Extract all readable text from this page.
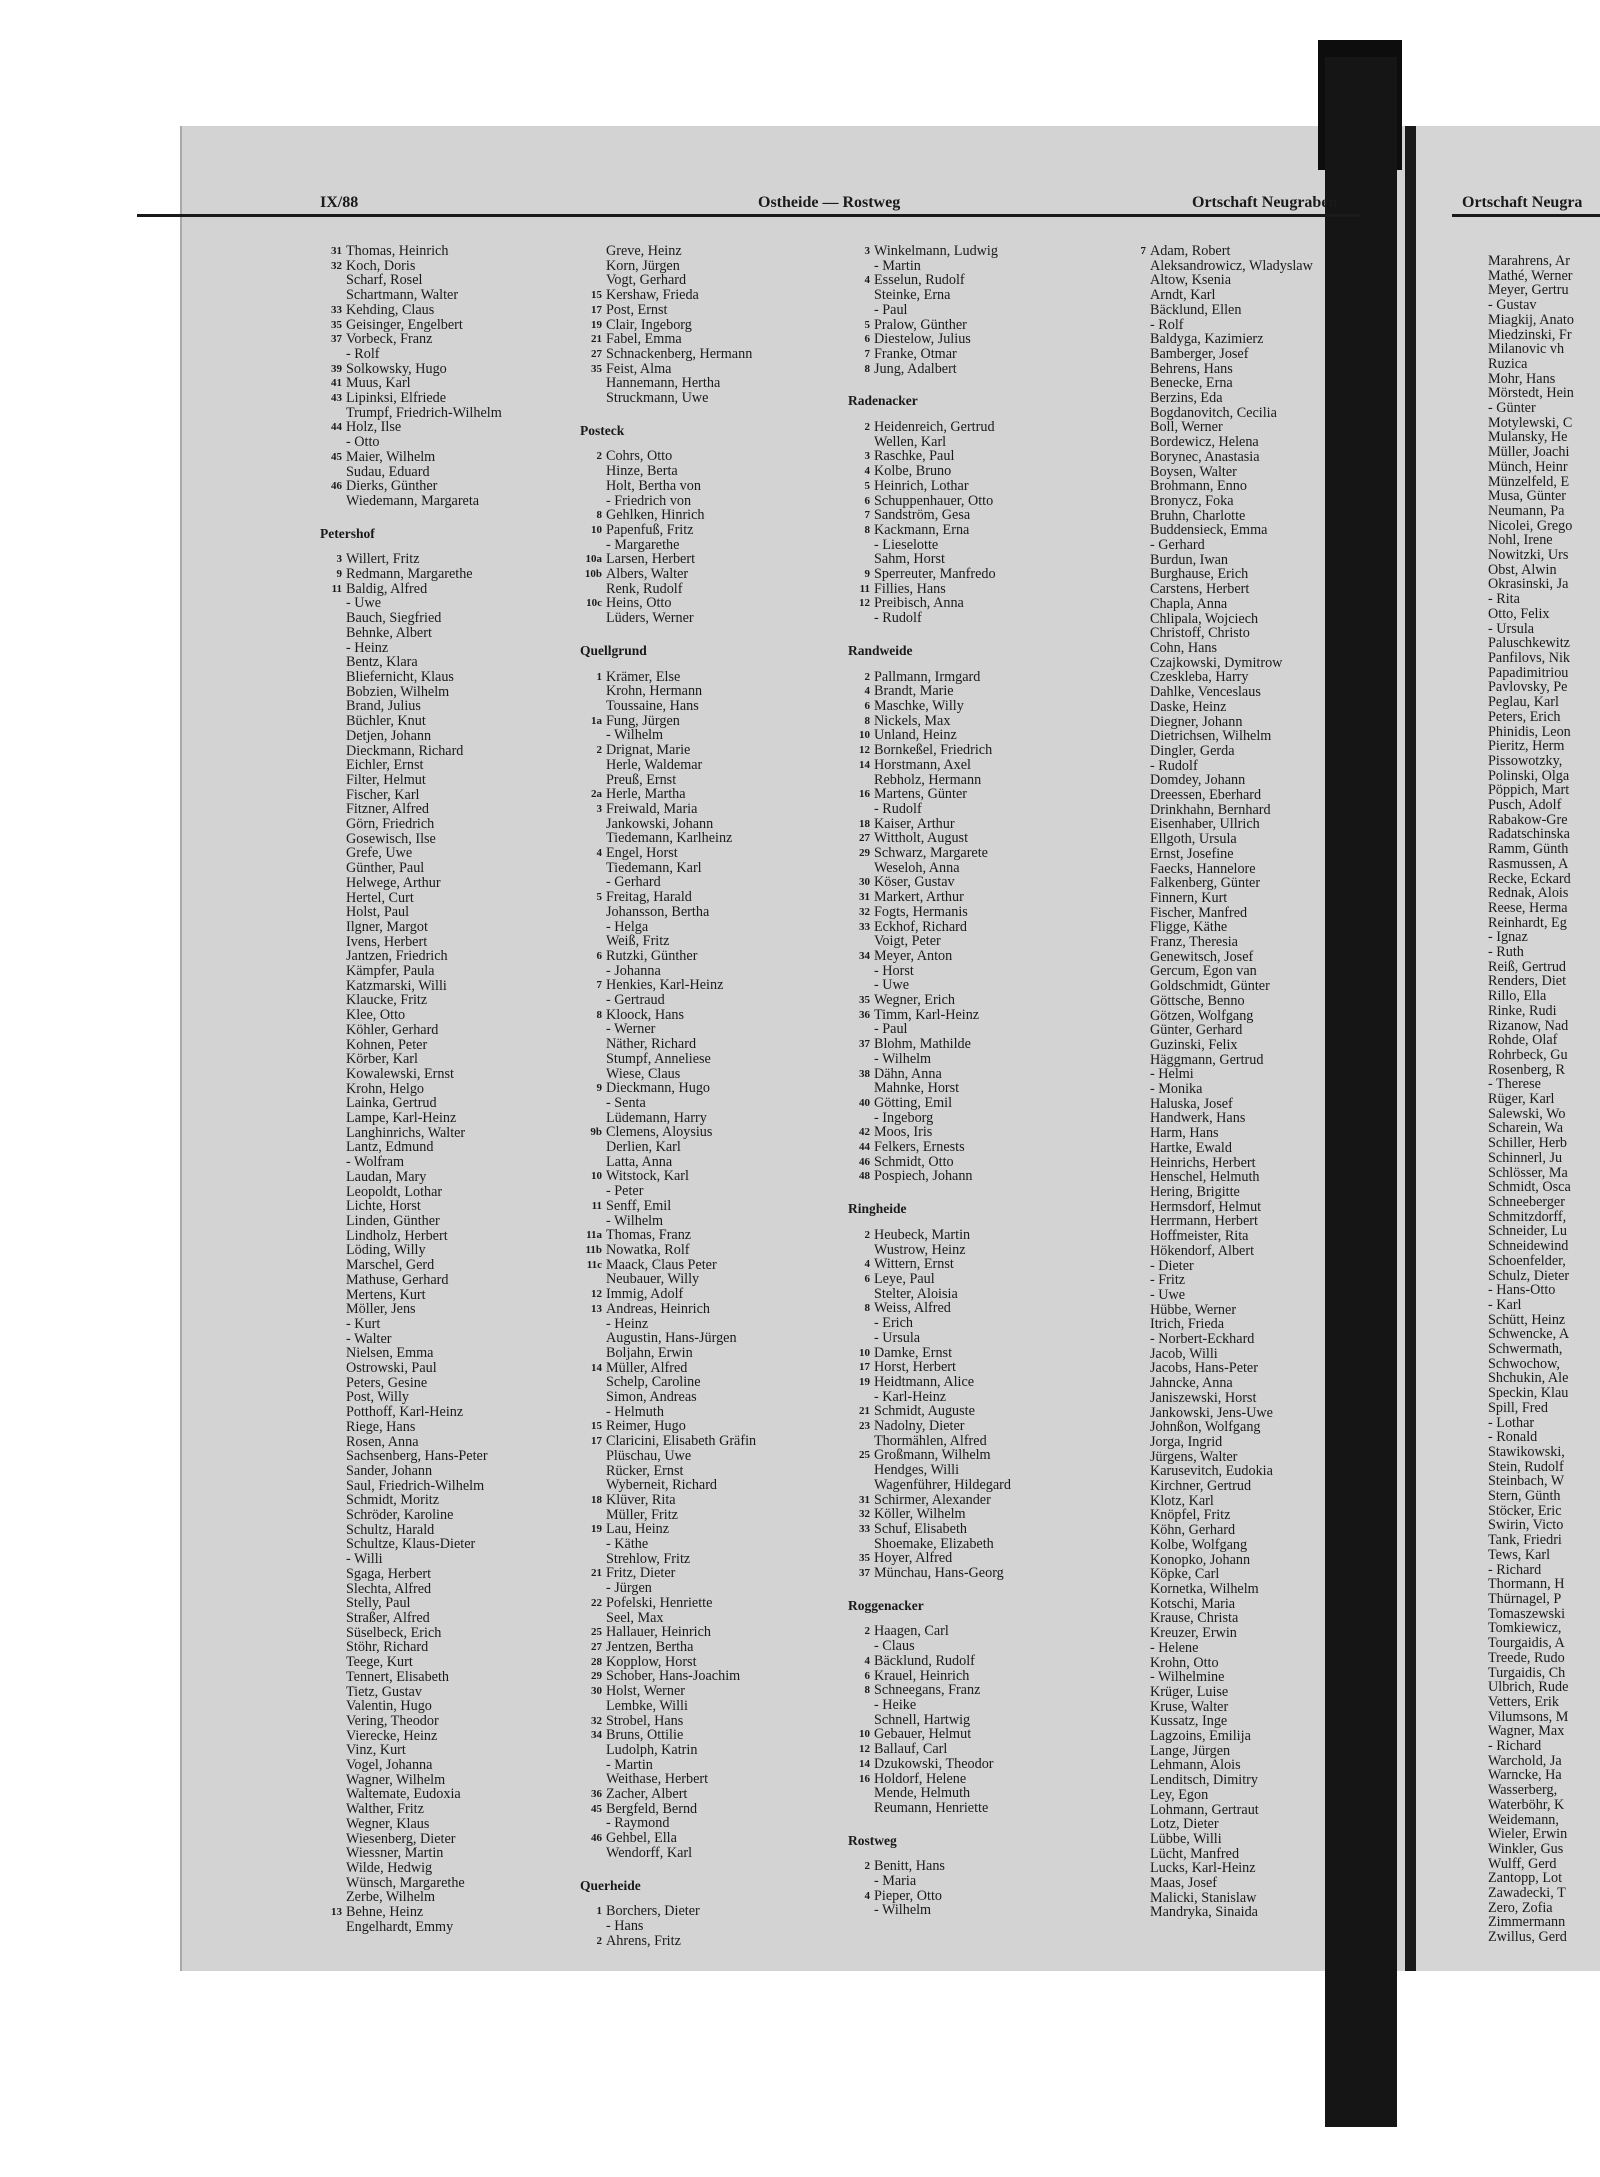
IX/88	Ostheide — Rostweg	Ortschaft Neugraben	Ortschaft Neugra
31 Thomas, Heinrich
32 Koch, Doris
Scharf, Rosel
Schartmann, Walter
33 Kehding, Claus
35 Geisinger, Engelbert
37 Vorbeck, Franz
- Rolf
39 Solkowsky, Hugo
41 Muus, Karl
43 Lipinksi, Elfriede
Trumpf, Friedrich-Wilhelm
44 Holz, Ilse
- Otto
45 Maier, Wilhelm
Sudau, Eduard
46 Dierks, Günther
Wiedemann, Margareta
Petershof
3 Willert, Fritz
9 Redmann, Margarethe
11 Baldig, Alfred
- Uwe
Bauch, Siegfried
Behnke, Albert
- Heinz
Bentz, Klara
Bliefernicht, Klaus
Bobzien, Wilhelm
Brand, Julius
Büchler, Knut
Detjen, Johann
Dieckmann, Richard
Eichler, Ernst
Filter, Helmut
Fischer, Karl
Fitzner, Alfred
Görn, Friedrich
Gosewisch, Ilse
Grefe, Uwe
Günther, Paul
Helwege, Arthur
Hertel, Curt
Holst, Paul
Ilgner, Margot
Ivens, Herbert
Jantzen, Friedrich
Kämpfer, Paula
Katzmarski, Willi
Klaucke, Fritz
Klee, Otto
Köhler, Gerhard
Kohnen, Peter
Körber, Karl
Kowalewski, Ernst
Krohn, Helgo
Lainka, Gertrud
Lampe, Karl-Heinz
Langhinrichs, Walter
Lantz, Edmund
- Wolfram
Laudan, Mary
Leopoldt, Lothar
Lichte, Horst
Linden, Günther
Lindholz, Herbert
Löding, Willy
Marschel, Gerd
Mathuse, Gerhard
Mertens, Kurt
Möller, Jens
- Kurt
- Walter
Nielsen, Emma
Ostrowski, Paul
Peters, Gesine
Post, Willy
Potthoff, Karl-Heinz
Riege, Hans
Rosen, Anna
Sachsenberg, Hans-Peter
Sander, Johann
Saul, Friedrich-Wilhelm
Schmidt, Moritz
Schröder, Karoline
Schultz, Harald
Schultze, Klaus-Dieter
- Willi
Sgaga, Herbert
Slechta, Alfred
Stelly, Paul
Straßer, Alfred
Süselbeck, Erich
Stöhr, Richard
Teege, Kurt
Tennert, Elisabeth
Tietz, Gustav
Valentin, Hugo
Vering, Theodor
Vierecke, Heinz
Vinz, Kurt
Vogel, Johanna
Wagner, Wilhelm
Waltemate, Eudoxia
Walther, Fritz
Wegner, Klaus
Wiesenberg, Dieter
Wiessner, Martin
Wilde, Hedwig
Wünsch, Margarethe
Zerbe, Wilhelm
13 Behne, Heinz
Engelhardt, Emmy
Greve, Heinz
Korn, Jürgen
Vogt, Gerhard
15 Kershaw, Frieda
17 Post, Ernst
19 Clair, Ingeborg
21 Fabel, Emma
27 Schnackenberg, Hermann
35 Feist, Alma
Hannemann, Hertha
Struckmann, Uwe
Posteck
2 Cohrs, Otto
Hinze, Berta
Holt, Bertha von
- Friedrich von
8 Gehlken, Hinrich
10 Papenfuß, Fritz
- Margarethe
10a Larsen, Herbert
10b Albers, Walter
Renk, Rudolf
10c Heins, Otto
Lüders, Werner
Quellgrund
1 Krämer, Else
Krohn, Hermann
Toussaine, Hans
1a Fung, Jürgen
- Wilhelm
2 Drignat, Marie
Herle, Waldemar
Preuß, Ernst
2a Herle, Martha
3 Freiwald, Maria
Jankowski, Johann
Tiedemann, Karlheinz
4 Engel, Horst
Tiedemann, Karl
- Gerhard
5 Freitag, Harald
Johansson, Bertha
- Helga
Weiß, Fritz
6 Rutzki, Günther
- Johanna
7 Henkies, Karl-Heinz
- Gertraud
8 Kloock, Hans
- Werner
Näther, Richard
Stumpf, Anneliese
Wiese, Claus
9 Dieckmann, Hugo
- Senta
Lüdemann, Harry
9b Clemens, Aloysius
Derlien, Karl
Latta, Anna
10 Witstock, Karl
- Peter
11 Senff, Emil
- Wilhelm
11a Thomas, Franz
11b Nowatka, Rolf
11c Maack, Claus Peter
Neubauer, Willy
12 Immig, Adolf
13 Andreas, Heinrich
- Heinz
Augustin, Hans-Jürgen
Boljahn, Erwin
14 Müller, Alfred
Schelp, Caroline
Simon, Andreas
- Helmuth
15 Reimer, Hugo
17 Claricini, Elisabeth Gräfin
Plüschau, Uwe
Rücker, Ernst
Wyberneit, Richard
18 Klüver, Rita
Müller, Fritz
19 Lau, Heinz
- Käthe
Strehlow, Fritz
21 Fritz, Dieter
- Jürgen
22 Pofelski, Henriette
Seel, Max
25 Hallauer, Heinrich
27 Jentzen, Bertha
28 Kopplow, Horst
29 Schober, Hans-Joachim
30 Holst, Werner
Lembke, Willi
32 Strobel, Hans
34 Bruns, Ottilie
Ludolph, Katrin
- Martin
Weithase, Herbert
36 Zacher, Albert
45 Bergfeld, Bernd
- Raymond
46 Gehbel, Ella
Wendorff, Karl
Querheide
1 Borchers, Dieter
- Hans
2 Ahrens, Fritz
3 Winkelmann, Ludwig
- Martin
4 Esselun, Rudolf
Steinke, Erna
- Paul
5 Pralow, Günther
6 Diestelow, Julius
7 Franke, Otmar
8 Jung, Adalbert
Radenacker
2 Heidenreich, Gertrud
Wellen, Karl
3 Raschke, Paul
4 Kolbe, Bruno
5 Heinrich, Lothar
6 Schuppenhauer, Otto
7 Sandström, Gesa
8 Kackmann, Erna
- Lieselotte
Sahm, Horst
9 Sperreuter, Manfredo
11 Fillies, Hans
12 Preibisch, Anna
- Rudolf
Randweide
2 Pallmann, Irmgard
4 Brandt, Marie
6 Maschke, Willy
8 Nickels, Max
10 Unland, Heinz
12 Bornkeßel, Friedrich
14 Horstmann, Axel
Rebholz, Hermann
16 Martens, Günter
- Rudolf
18 Kaiser, Arthur
27 Wittholt, August
29 Schwarz, Margarete
Weseloh, Anna
30 Köser, Gustav
31 Markert, Arthur
32 Fogts, Hermanis
33 Eckhof, Richard
Voigt, Peter
34 Meyer, Anton
- Horst
- Uwe
35 Wegner, Erich
36 Timm, Karl-Heinz
- Paul
37 Blohm, Mathilde
- Wilhelm
38 Dähn, Anna
Mahnke, Horst
40 Götting, Emil
- Ingeborg
42 Moos, Iris
44 Felkers, Ernests
46 Schmidt, Otto
48 Pospiech, Johann
Ringheide
2 Heubeck, Martin
Wustrow, Heinz
4 Wittern, Ernst
6 Leye, Paul
Stelter, Aloisia
8 Weiss, Alfred
- Erich
- Ursula
10 Damke, Ernst
17 Horst, Herbert
19 Heidtmann, Alice
- Karl-Heinz
21 Schmidt, Auguste
23 Nadolny, Dieter
Thormählen, Alfred
25 Großmann, Wilhelm
Hendges, Willi
Wagenführer, Hildegard
31 Schirmer, Alexander
32 Köller, Wilhelm
33 Schuf, Elisabeth
Shoemake, Elizabeth
35 Hoyer, Alfred
37 Münchau, Hans-Georg
Roggenacker
2 Haagen, Carl
- Claus
4 Bäcklund, Rudolf
6 Krauel, Heinrich
8 Schneegans, Franz
- Heike
Schnell, Hartwig
10 Gebauer, Helmut
12 Ballauf, Carl
14 Dzukowski, Theodor
16 Holdorf, Helene
Mende, Helmuth
Reumann, Henriette
Rostweg
2 Benitt, Hans
- Maria
4 Pieper, Otto
- Wilhelm
7 Adam, Robert
Aleksandrowicz, Wladyslaw
Altow, Ksenia
Arndt, Karl
Bäcklund, Ellen
- Rolf
Baldyga, Kazimierz
Bamberger, Josef
Behrens, Hans
Benecke, Erna
Berzins, Eda
Bogdanovitch, Cecilia
Boll, Werner
Bordewicz, Helena
Borynec, Anastasia
Boysen, Walter
Brohmann, Enno
Bronycz, Foka
Bruhn, Charlotte
Buddensieck, Emma
- Gerhard
Burdun, Iwan
Burghause, Erich
Carstens, Herbert
Chapla, Anna
Chlipala, Wojciech
Christoff, Christo
Cohn, Hans
Czajkowski, Dymitrow
Czeskleba, Harry
Dahlke, Venceslaus
Daske, Heinz
Diegner, Johann
Dietrichsen, Wilhelm
Dingler, Gerda
- Rudolf
Domdey, Johann
Dreessen, Eberhard
Drinkhahn, Bernhard
Eisenhaber, Ullrich
Ellgoth, Ursula
Ernst, Josefine
Faecks, Hannelore
Falkenberg, Günter
Finnern, Kurt
Fischer, Manfred
Fligge, Käthe
Franz, Theresia
Genewitsch, Josef
Gercum, Egon van
Goldschmidt, Günter
Göttsche, Benno
Götzen, Wolfgang
Günter, Gerhard
Guzinski, Felix
Häggmann, Gertrud
- Helmi
- Monika
Haluska, Josef
Handwerk, Hans
Harm, Hans
Hartke, Ewald
Heinrichs, Herbert
Henschel, Helmuth
Hering, Brigitte
Hermsdorf, Helmut
Herrmann, Herbert
Hoffmeister, Rita
Hökendorf, Albert
- Dieter
- Fritz
- Uwe
Hübbe, Werner
Itrich, Frieda
- Norbert-Eckhard
Jacob, Willi
Jacobs, Hans-Peter
Jahncke, Anna
Janiszewski, Horst
Jankowski, Jens-Uwe
Johnßon, Wolfgang
Jorga, Ingrid
Jürgens, Walter
Karusevitch, Eudokia
Kirchner, Gertrud
Klotz, Karl
Knöpfel, Fritz
Köhn, Gerhard
Kolbe, Wolfgang
Konopko, Johann
Köpke, Carl
Kornetka, Wilhelm
Kotschi, Maria
Krause, Christa
Kreuzer, Erwin
- Helene
Krohn, Otto
- Wilhelmine
Krüger, Luise
Kruse, Walter
Kussatz, Inge
Lagzoins, Emilija
Lange, Jürgen
Lehmann, Alois
Lenditsch, Dimitry
Ley, Egon
Lohmann, Gertraut
Lotz, Dieter
Lübbe, Willi
Lücht, Manfred
Lucks, Karl-Heinz
Maas, Josef
Malicki, Stanislaw
Mandryka, Sinaida
Marahrens, Ar
Mathé, Werner
Meyer, Gertru
- Gustav
Miagkij, Anato
Miedzinski, Fr
Milanovic vh
Ruzica
Mohr, Hans
Mörstedt, Hein
- Günter
Motylewski, C
Mulansky, He
Müller, Joachi
Münch, Heinr
Münzelfeld, E
Musa, Günter
Neumann, Pa
Nicolei, Grego
Nohl, Irene
Nowitzki, Urs
Obst, Alwin
Okrasinski, Ja
- Rita
Otto, Felix
- Ursula
Paluschkewitz
Panfilovs, Nik
Papadimitriou
Pavlovsky, Pe
Peglau, Karl
Peters, Erich
Phinidis, Leon
Pieritz, Herm
Pissowotzky,
Polinski, Olga
Pöppich, Mart
Pusch, Adolf
Rabakow-Gre
Radatschinska
Ramm, Günth
Rasmussen, A
Recke, Eckard
Rednak, Alois
Reese, Herma
Reinhardt, Eg
- Ignaz
- Ruth
Reiß, Gertrud
Renders, Diet
Rillo, Ella
Rinke, Rudi
Rizanow, Nad
Rohde, Olaf
Rohrbeck, Gu
Rosenberg, R
- Therese
Rüger, Karl
Salewski, Wo
Scharein, Wa
Schiller, Herb
Schinnerl, Ju
Schlösser, Ma
Schmidt, Osca
Schneeberger
Schmitzdorff,
Schneider, Lu
Schneidewind
Schoenfelder,
Schulz, Dieter
- Hans-Otto
- Karl
Schütt, Heinz
Schwencke, A
Schwermath,
Schwochow,
Shchukin, Ale
Speckin, Klau
Spill, Fred
- Lothar
- Ronald
Stawikowski,
Stein, Rudolf
Steinbach, W
Stern, Günth
Stöcker, Eric
Swirin, Victo
Tank, Friedri
Tews, Karl
- Richard
Thormann, H
Thürnagel, P
Tomaszewski
Tomkiewicz,
Tourgaidis, A
Treede, Rudo
Turgaidis, Ch
Ulbrich, Rude
Vetters, Erik
Vilumsons, M
Wagner, Max
- Richard
Warchold, Ja
Warncke, Ha
Wasserberg,
Waterböhr, K
Weidemann,
Wieler, Erwin
Winkler, Gus
Wulff, Gerd
Zantopp, Lot
Zawadecki, T
Zero, Zofia
Zimmermann
Zwillus, Gerd
